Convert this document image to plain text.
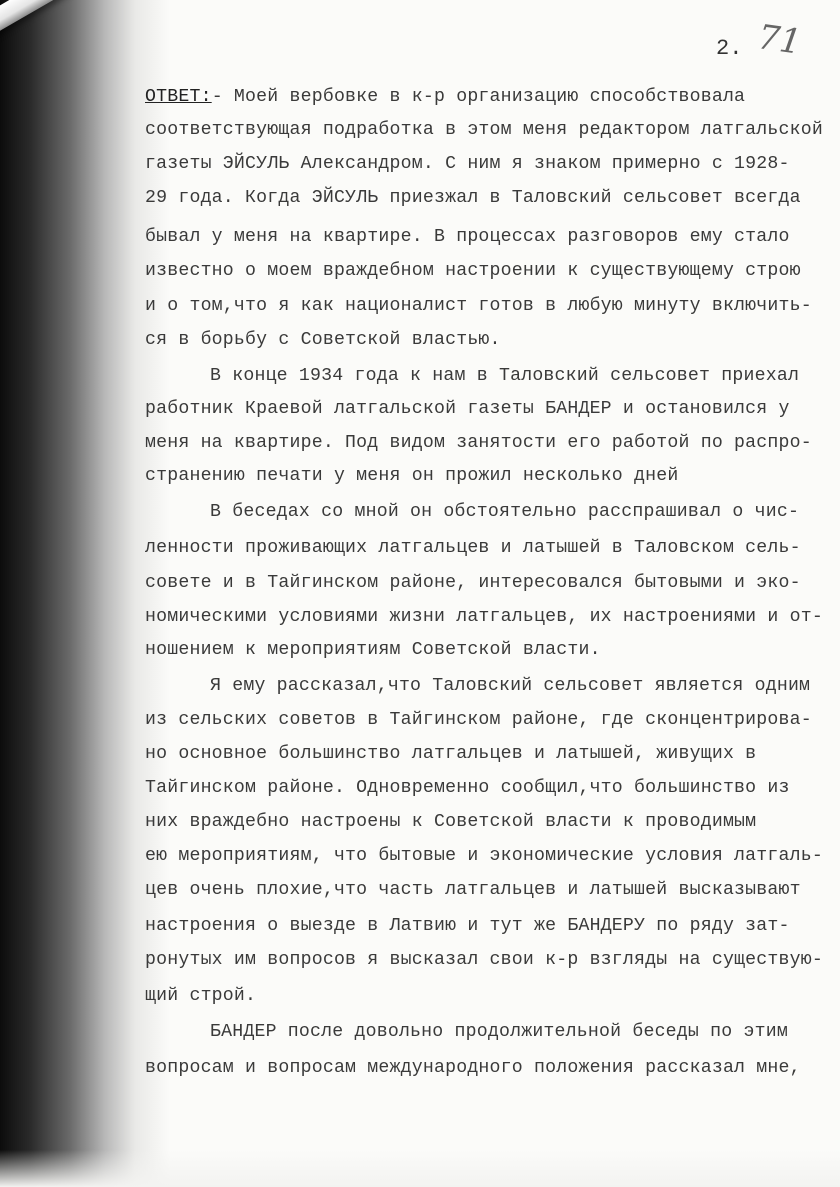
2. 71
ОТВЕТ:- Моей вербовке в к-р организацию способствовала
соответствующая подработка в этом меня редактором латгальской
газеты ЭЙСУЛЬ Александром. С ним я знаком примерно с 1928-
29 года. Когда ЭЙСУЛЬ приезжал в Таловский сельсовет всегда
бывал у меня на квартире. В процессах разговоров ему стало
известно о моем враждебном настроении к существующему строю
и о том,что я как националист готов в любую минуту включить-
ся в борьбу с Советской властью.
В конце 1934 года к нам в Таловский сельсовет приехал
работник Краевой латгальской газеты БАНДЕР и остановился у
меня на квартире. Под видом занятости его работой по распро-
странению печати у меня он прожил несколько дней
В беседах со мной он обстоятельно расспрашивал о чис-
ленности проживающих латгальцев и латышей в Таловском сель-
совете и в Тайгинском районе, интересовался бытовыми и эко-
номическими условиями жизни латгальцев, их настроениями и от-
ношением к мероприятиям Советской власти.
Я ему рассказал,что Таловский сельсовет является одним
из сельских советов в Тайгинском районе, где сконцентрирова-
но основное большинство латгальцев и латышей, живущих в
Тайгинском районе. Одновременно сообщил,что большинство из
них враждебно настроены к Советской власти к проводимым
ею мероприятиям, что бытовые и экономические условия латгаль-
цев очень плохие,что часть латгальцев и латышей высказывают
настроения о выезде в Латвию и тут же БАНДЕРУ по ряду зат-
ронутых им вопросов я высказал свои к-р взгляды на существую-
щий строй.
БАНДЕР после довольно продолжительной беседы по этим
вопросам и вопросам международного положения рассказал мне,
